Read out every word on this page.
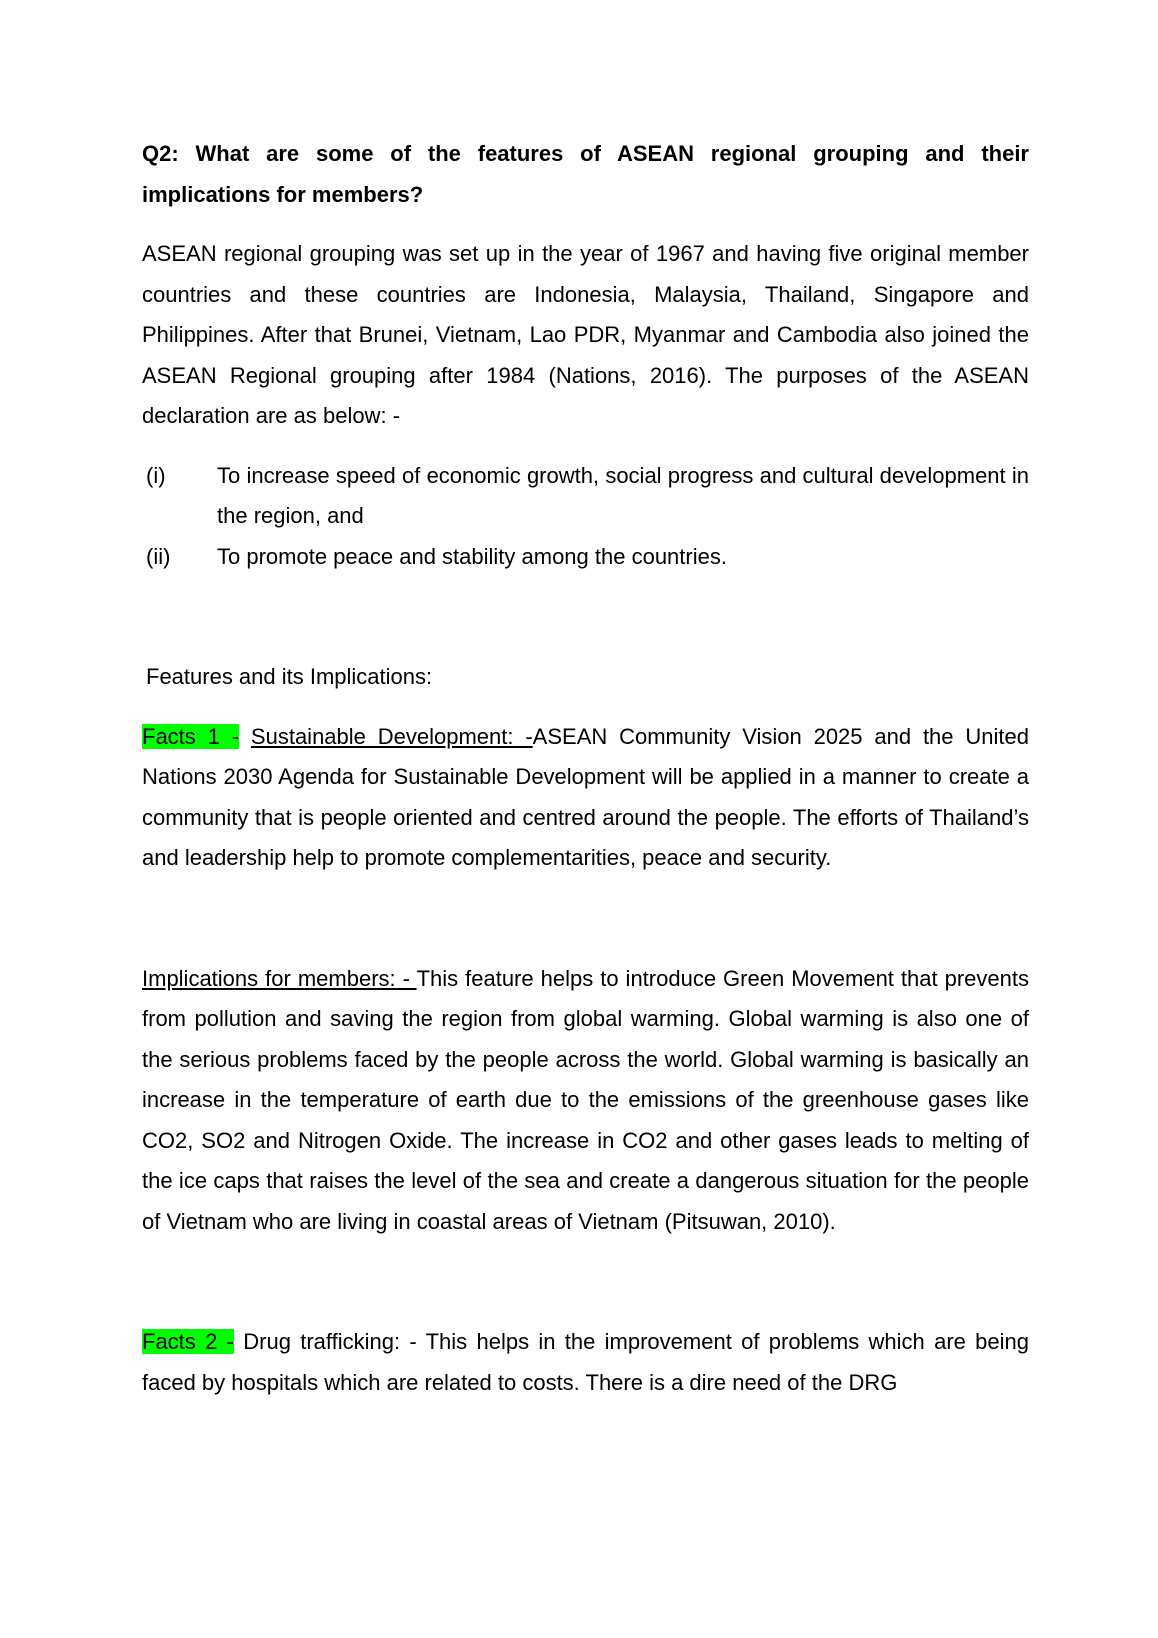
Q2: What are some of the features of ASEAN regional grouping and their implications for members?

ASEAN regional grouping was set up in the year of 1967 and having five original member countries and these countries are Indonesia, Malaysia, Thailand, Singapore and Philippines. After that Brunei, Vietnam, Lao PDR, Myanmar and Cambodia also joined the ASEAN Regional grouping after 1984 (Nations, 2016). The purposes of the ASEAN declaration are as below: -

(i)	To increase speed of economic growth, social progress and cultural development in the region, and
(ii)	To promote peace and stability among the countries.

Features and its Implications:

Facts 1 - Sustainable Development: -ASEAN Community Vision 2025 and the United Nations 2030 Agenda for Sustainable Development will be applied in a manner to create a community that is people oriented and centred around the people. The efforts of Thailand’s and leadership help to promote complementarities, peace and security.

Implications for members: - This feature helps to introduce Green Movement that prevents from pollution and saving the region from global warming. Global warming is also one of the serious problems faced by the people across the world. Global warming is basically an increase in the temperature of earth due to the emissions of the greenhouse gases like CO2, SO2 and Nitrogen Oxide. The increase in CO2 and other gases leads to melting of the ice caps that raises the level of the sea and create a dangerous situation for the people of Vietnam who are living in coastal areas of Vietnam (Pitsuwan, 2010).

Facts 2 - Drug trafficking: - This helps in the improvement of problems which are being faced by hospitals which are related to costs. There is a dire need of the DRG
